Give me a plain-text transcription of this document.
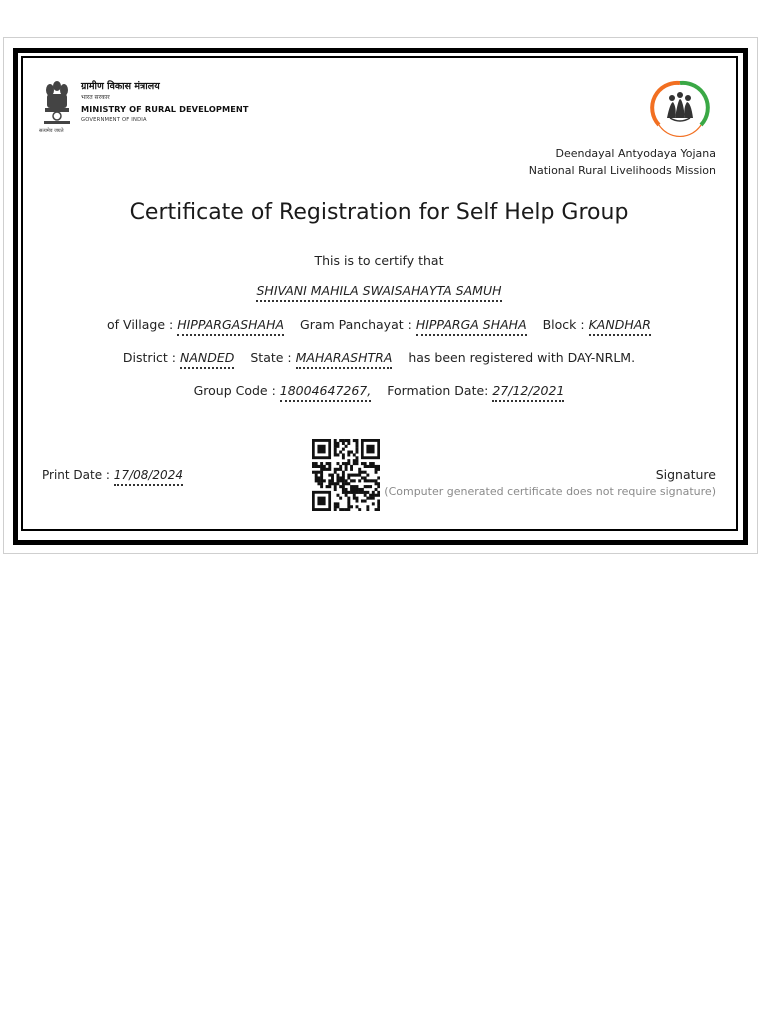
ग्रामीण विकास मंत्रालय
भारत सरकार
MINISTRY OF RURAL DEVELOPMENT
GOVERNMENT OF INDIA
सत्यमेव जयते
Deendayal Antyodaya Yojana
National Rural Livelihoods Mission
Certificate of Registration for Self Help Group
This is to certify that
SHIVANI MAHILA SWAISAHAYTA SAMUH
of Village : HIPPARGASHAHA Gram Panchayat : HIPPARGA SHAHA Block : KANDHAR
District : NANDED State : MAHARASHTRA has been registered with DAY-NRLM.
Group Code : 18004647267, Formation Date: 27/12/2021
Print Date : 17/08/2024	Signature
(Computer generated certificate does not require signature)
